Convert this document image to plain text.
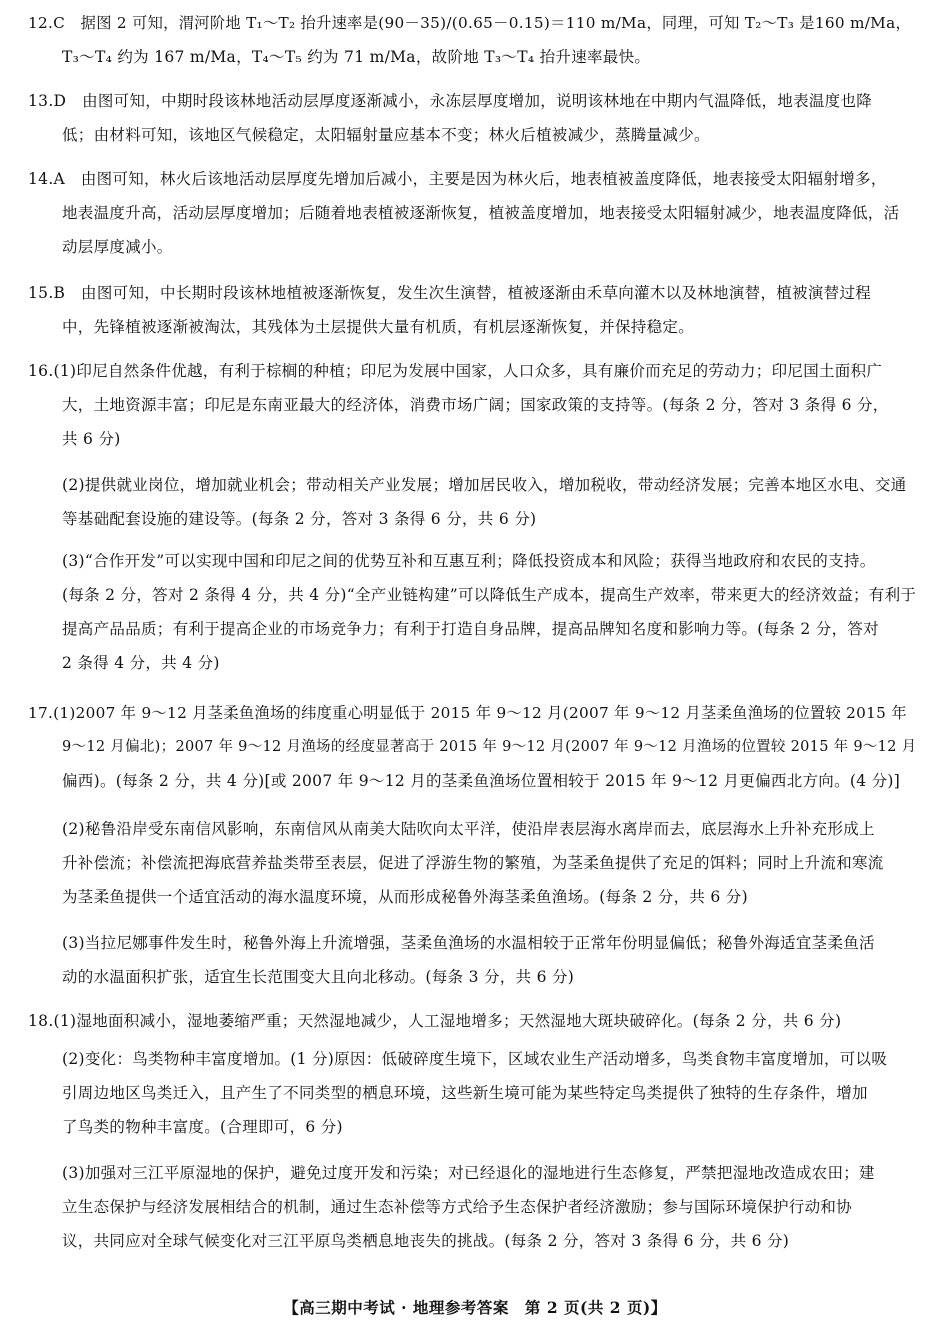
12.C　据图 2 可知，渭河阶地 T₁～T₂ 抬升速率是(90－35)/(0.65－0.15)＝110 m/Ma，同理，可知 T₂～T₃ 是160 m/Ma，
T₃～T₄ 约为 167 m/Ma，T₄～T₅ 约为 71 m/Ma，故阶地 T₃～T₄ 抬升速率最快。
13.D　由图可知，中期时段该林地活动层厚度逐渐减小，永冻层厚度增加，说明该林地在中期内气温降低，地表温度也降
低；由材料可知，该地区气候稳定，太阳辐射量应基本不变；林火后植被减少，蒸腾量减少。
14.A　由图可知，林火后该地活动层厚度先增加后减小，主要是因为林火后，地表植被盖度降低，地表接受太阳辐射增多，
地表温度升高，活动层厚度增加；后随着地表植被逐渐恢复，植被盖度增加，地表接受太阳辐射减少，地表温度降低，活
动层厚度减小。
15.B　由图可知，中长期时段该林地植被逐渐恢复，发生次生演替，植被逐渐由禾草向灌木以及林地演替，植被演替过程
中，先锋植被逐渐被淘汰，其残体为土层提供大量有机质，有机层逐渐恢复，并保持稳定。
16.(1)印尼自然条件优越，有利于棕榈的种植；印尼为发展中国家，人口众多，具有廉价而充足的劳动力；印尼国土面积广
大，土地资源丰富；印尼是东南亚最大的经济体，消费市场广阔；国家政策的支持等。(每条 2 分，答对 3 条得 6 分，
共 6 分)
(2)提供就业岗位，增加就业机会；带动相关产业发展；增加居民收入，增加税收，带动经济发展；完善本地区水电、交通
等基础配套设施的建设等。(每条 2 分，答对 3 条得 6 分，共 6 分)
(3)“合作开发”可以实现中国和印尼之间的优势互补和互惠互利；降低投资成本和风险；获得当地政府和农民的支持。
(每条 2 分，答对 2 条得 4 分，共 4 分)“全产业链构建”可以降低生产成本，提高生产效率，带来更大的经济效益；有利于
提高产品品质；有利于提高企业的市场竞争力；有利于打造自身品牌，提高品牌知名度和影响力等。(每条 2 分，答对
2 条得 4 分，共 4 分)
17.(1)2007 年 9～12 月茎柔鱼渔场的纬度重心明显低于 2015 年 9～12 月(2007 年 9～12 月茎柔鱼渔场的位置较 2015 年
9～12 月偏北)；2007 年 9～12 月渔场的经度显著高于 2015 年 9～12 月(2007 年 9～12 月渔场的位置较 2015 年 9～12 月
偏西)。(每条 2 分，共 4 分)[或 2007 年 9～12 月的茎柔鱼渔场位置相较于 2015 年 9～12 月更偏西北方向。(4 分)]
(2)秘鲁沿岸受东南信风影响，东南信风从南美大陆吹向太平洋，使沿岸表层海水离岸而去，底层海水上升补充形成上
升补偿流；补偿流把海底营养盐类带至表层，促进了浮游生物的繁殖，为茎柔鱼提供了充足的饵料；同时上升流和寒流
为茎柔鱼提供一个适宜活动的海水温度环境，从而形成秘鲁外海茎柔鱼渔场。(每条 2 分，共 6 分)
(3)当拉尼娜事件发生时，秘鲁外海上升流增强，茎柔鱼渔场的水温相较于正常年份明显偏低；秘鲁外海适宜茎柔鱼活
动的水温面积扩张，适宜生长范围变大且向北移动。(每条 3 分，共 6 分)
18.(1)湿地面积减小，湿地萎缩严重；天然湿地减少，人工湿地增多；天然湿地大斑块破碎化。(每条 2 分，共 6 分)
(2)变化：鸟类物种丰富度增加。(1 分)原因：低破碎度生境下，区域农业生产活动增多，鸟类食物丰富度增加，可以吸
引周边地区鸟类迁入，且产生了不同类型的栖息环境，这些新生境可能为某些特定鸟类提供了独特的生存条件，增加
了鸟类的物种丰富度。(合理即可，6 分)
(3)加强对三江平原湿地的保护，避免过度开发和污染；对已经退化的湿地进行生态修复，严禁把湿地改造成农田；建
立生态保护与经济发展相结合的机制，通过生态补偿等方式给予生态保护者经济激励；参与国际环境保护行动和协
议，共同应对全球气候变化对三江平原鸟类栖息地丧失的挑战。(每条 2 分，答对 3 条得 6 分，共 6 分)
【高三期中考试 · 地理参考答案　第 2 页(共 2 页)】
